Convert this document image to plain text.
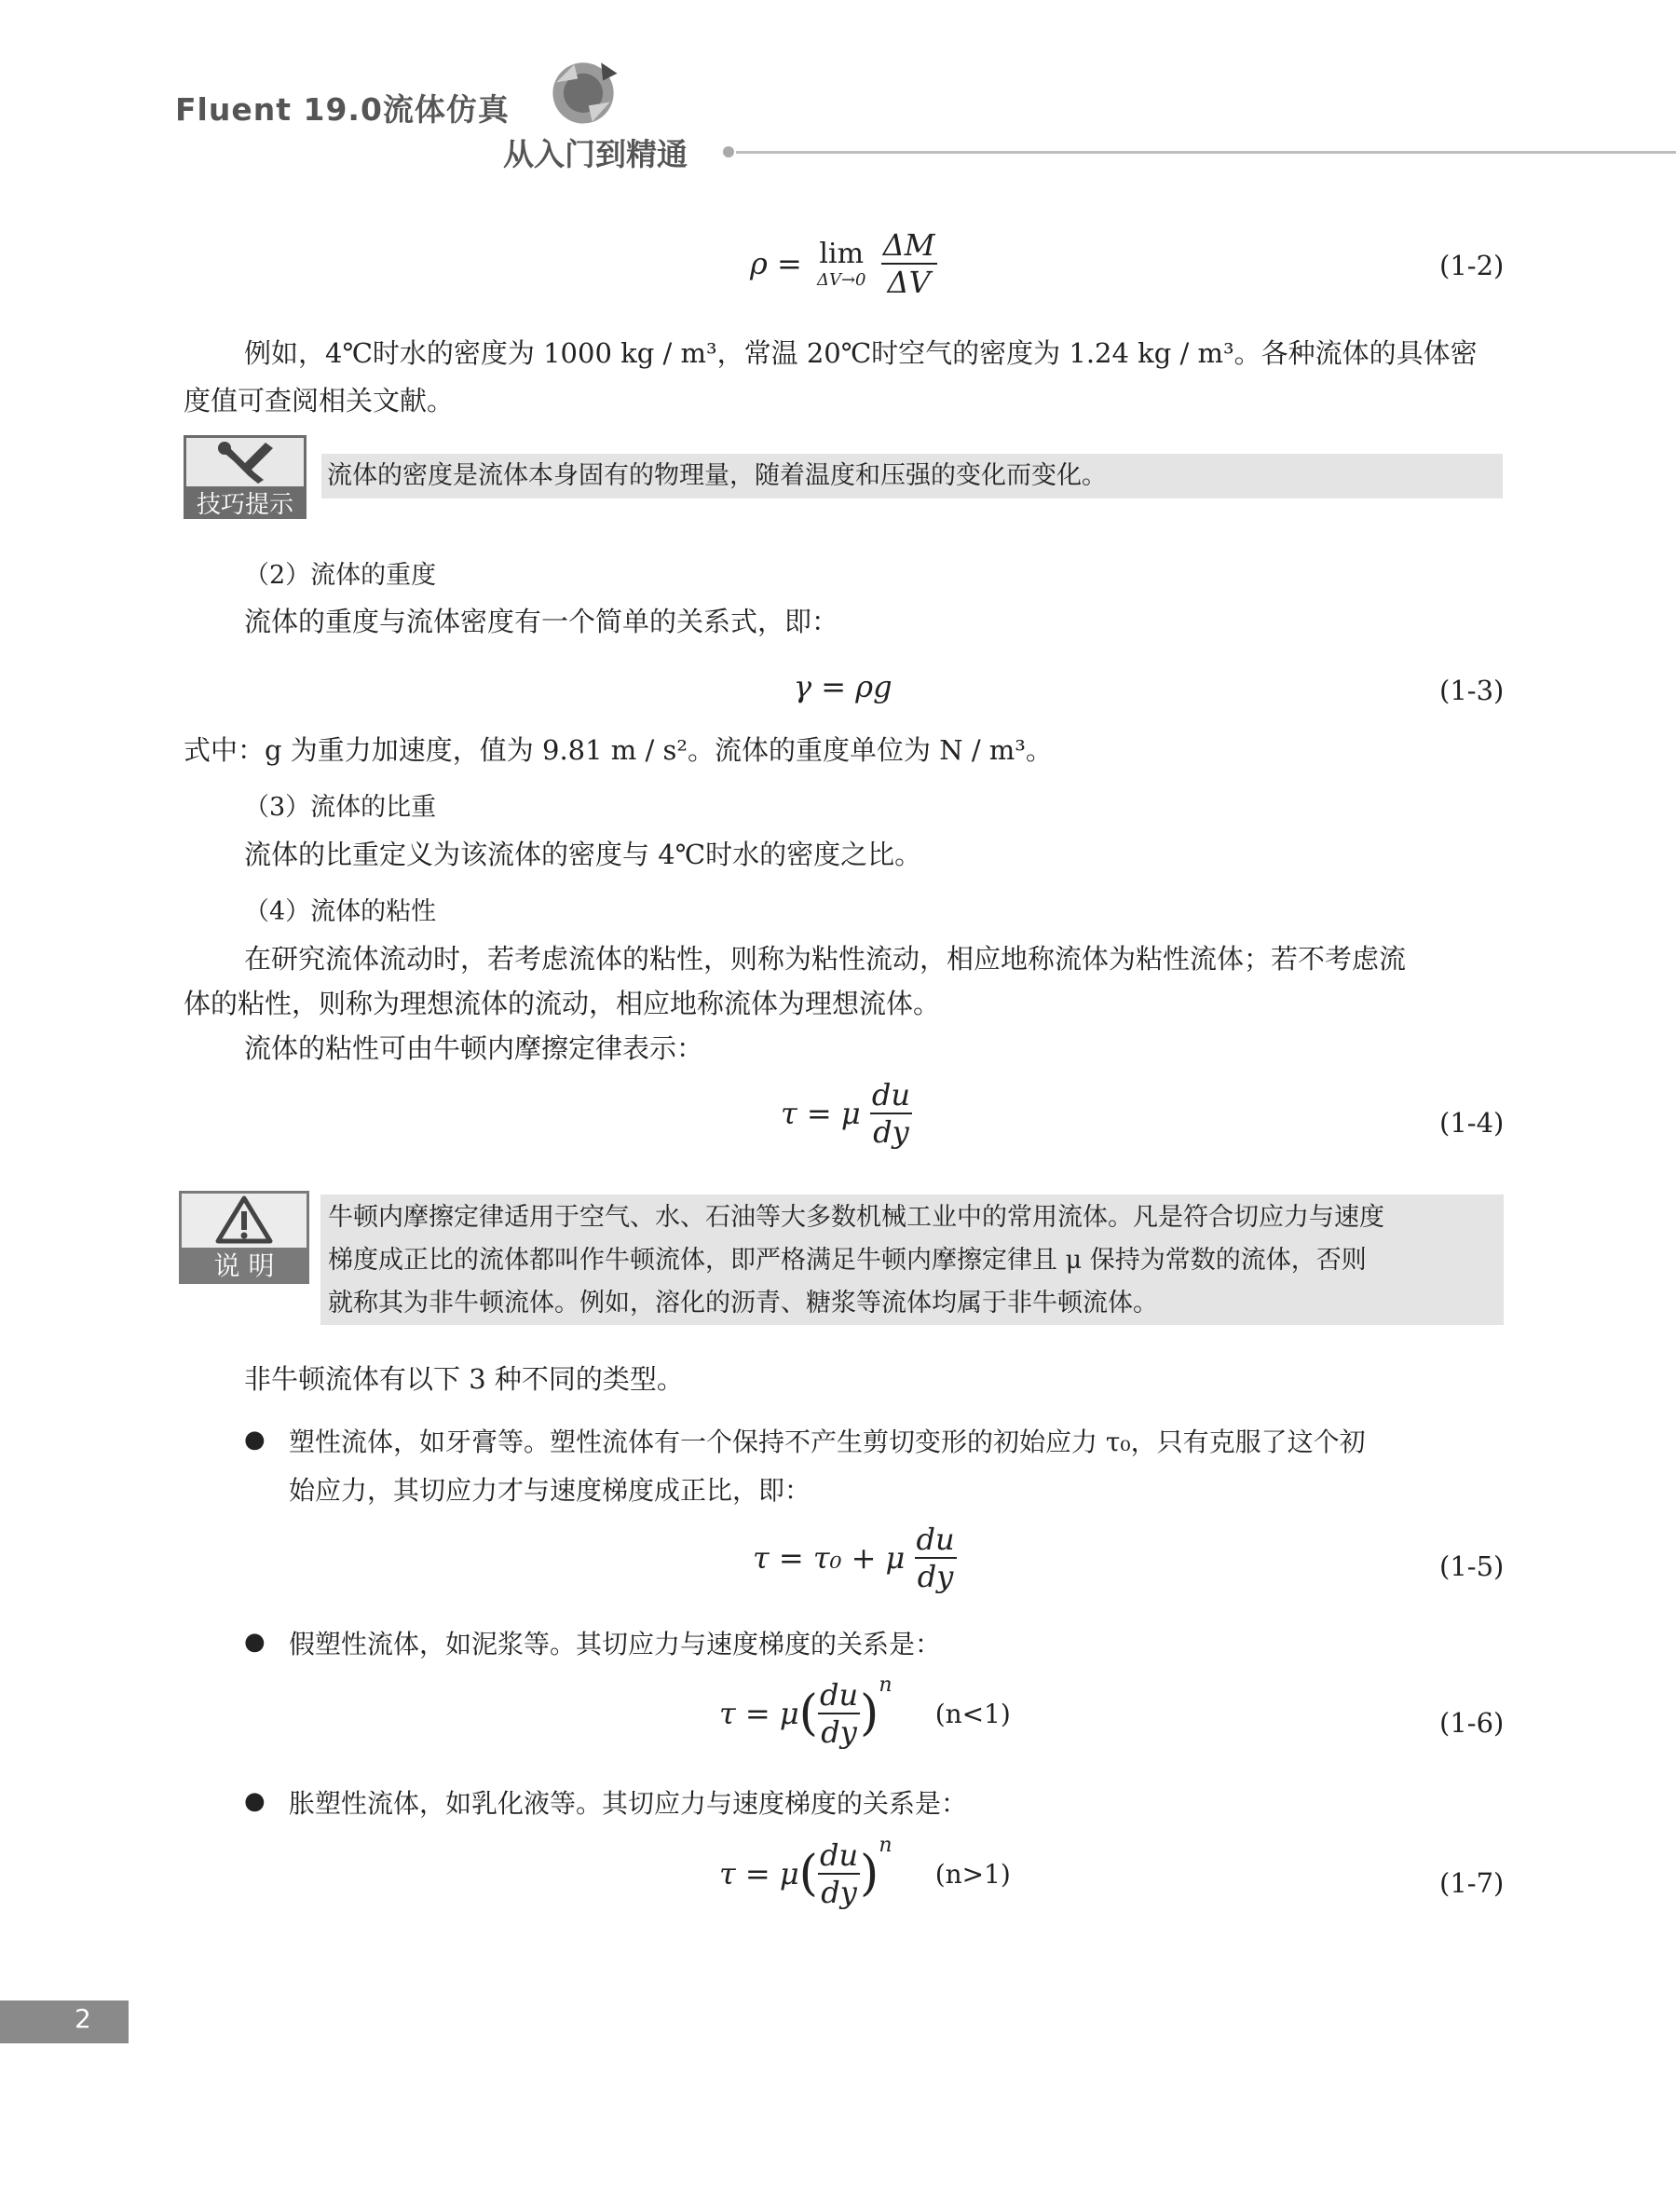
Fluent 19.0流体仿真
从入门到精通
ρ = lim
ΔV→0
$\frac{\Delta M}{\Delta V}$	(1-2)
例如，4℃时水的密度为 1000 kg / m³，常温 20℃时空气的密度为 1.24 kg / m³。各种流体的具体密
度值可查阅相关文献。
技巧提示
流体的密度是流体本身固有的物理量，随着温度和压强的变化而变化。
（2）流体的重度
流体的重度与流体密度有一个简单的关系式，即：
γ = ρg	(1-3)
式中：g 为重力加速度，值为 9.81 m / s²。流体的重度单位为 N / m³。
（3）流体的比重
流体的比重定义为该流体的密度与 4℃时水的密度之比。
（4）流体的粘性
在研究流体流动时，若考虑流体的粘性，则称为粘性流动，相应地称流体为粘性流体；若不考虑流
体的粘性，则称为理想流体的流动，相应地称流体为理想流体。
流体的粘性可由牛顿内摩擦定律表示：
τ = μ $\frac{du}{dy}$	(1-4)
说 明
牛顿内摩擦定律适用于空气、水、石油等大多数机械工业中的常用流体。凡是符合切应力与速度
梯度成正比的流体都叫作牛顿流体，即严格满足牛顿内摩擦定律且 μ 保持为常数的流体，否则
就称其为非牛顿流体。例如，溶化的沥青、糖浆等流体均属于非牛顿流体。
非牛顿流体有以下 3 种不同的类型。
● 塑性流体，如牙膏等。塑性流体有一个保持不产生剪切变形的初始应力 τ₀，只有克服了这个初
始应力，其切应力才与速度梯度成正比，即：
τ = τ₀ + μ $\frac{du}{dy}$	(1-5)
● 假塑性流体，如泥浆等。其切应力与速度梯度的关系是：
$\tau = \mu( \frac{du}{dy} )^n$ (n<1)	(1-6)
● 胀塑性流体，如乳化液等。其切应力与速度梯度的关系是：
$\tau = \mu( \frac{du}{dy} )^n$ (n>1)	(1-7)
2
